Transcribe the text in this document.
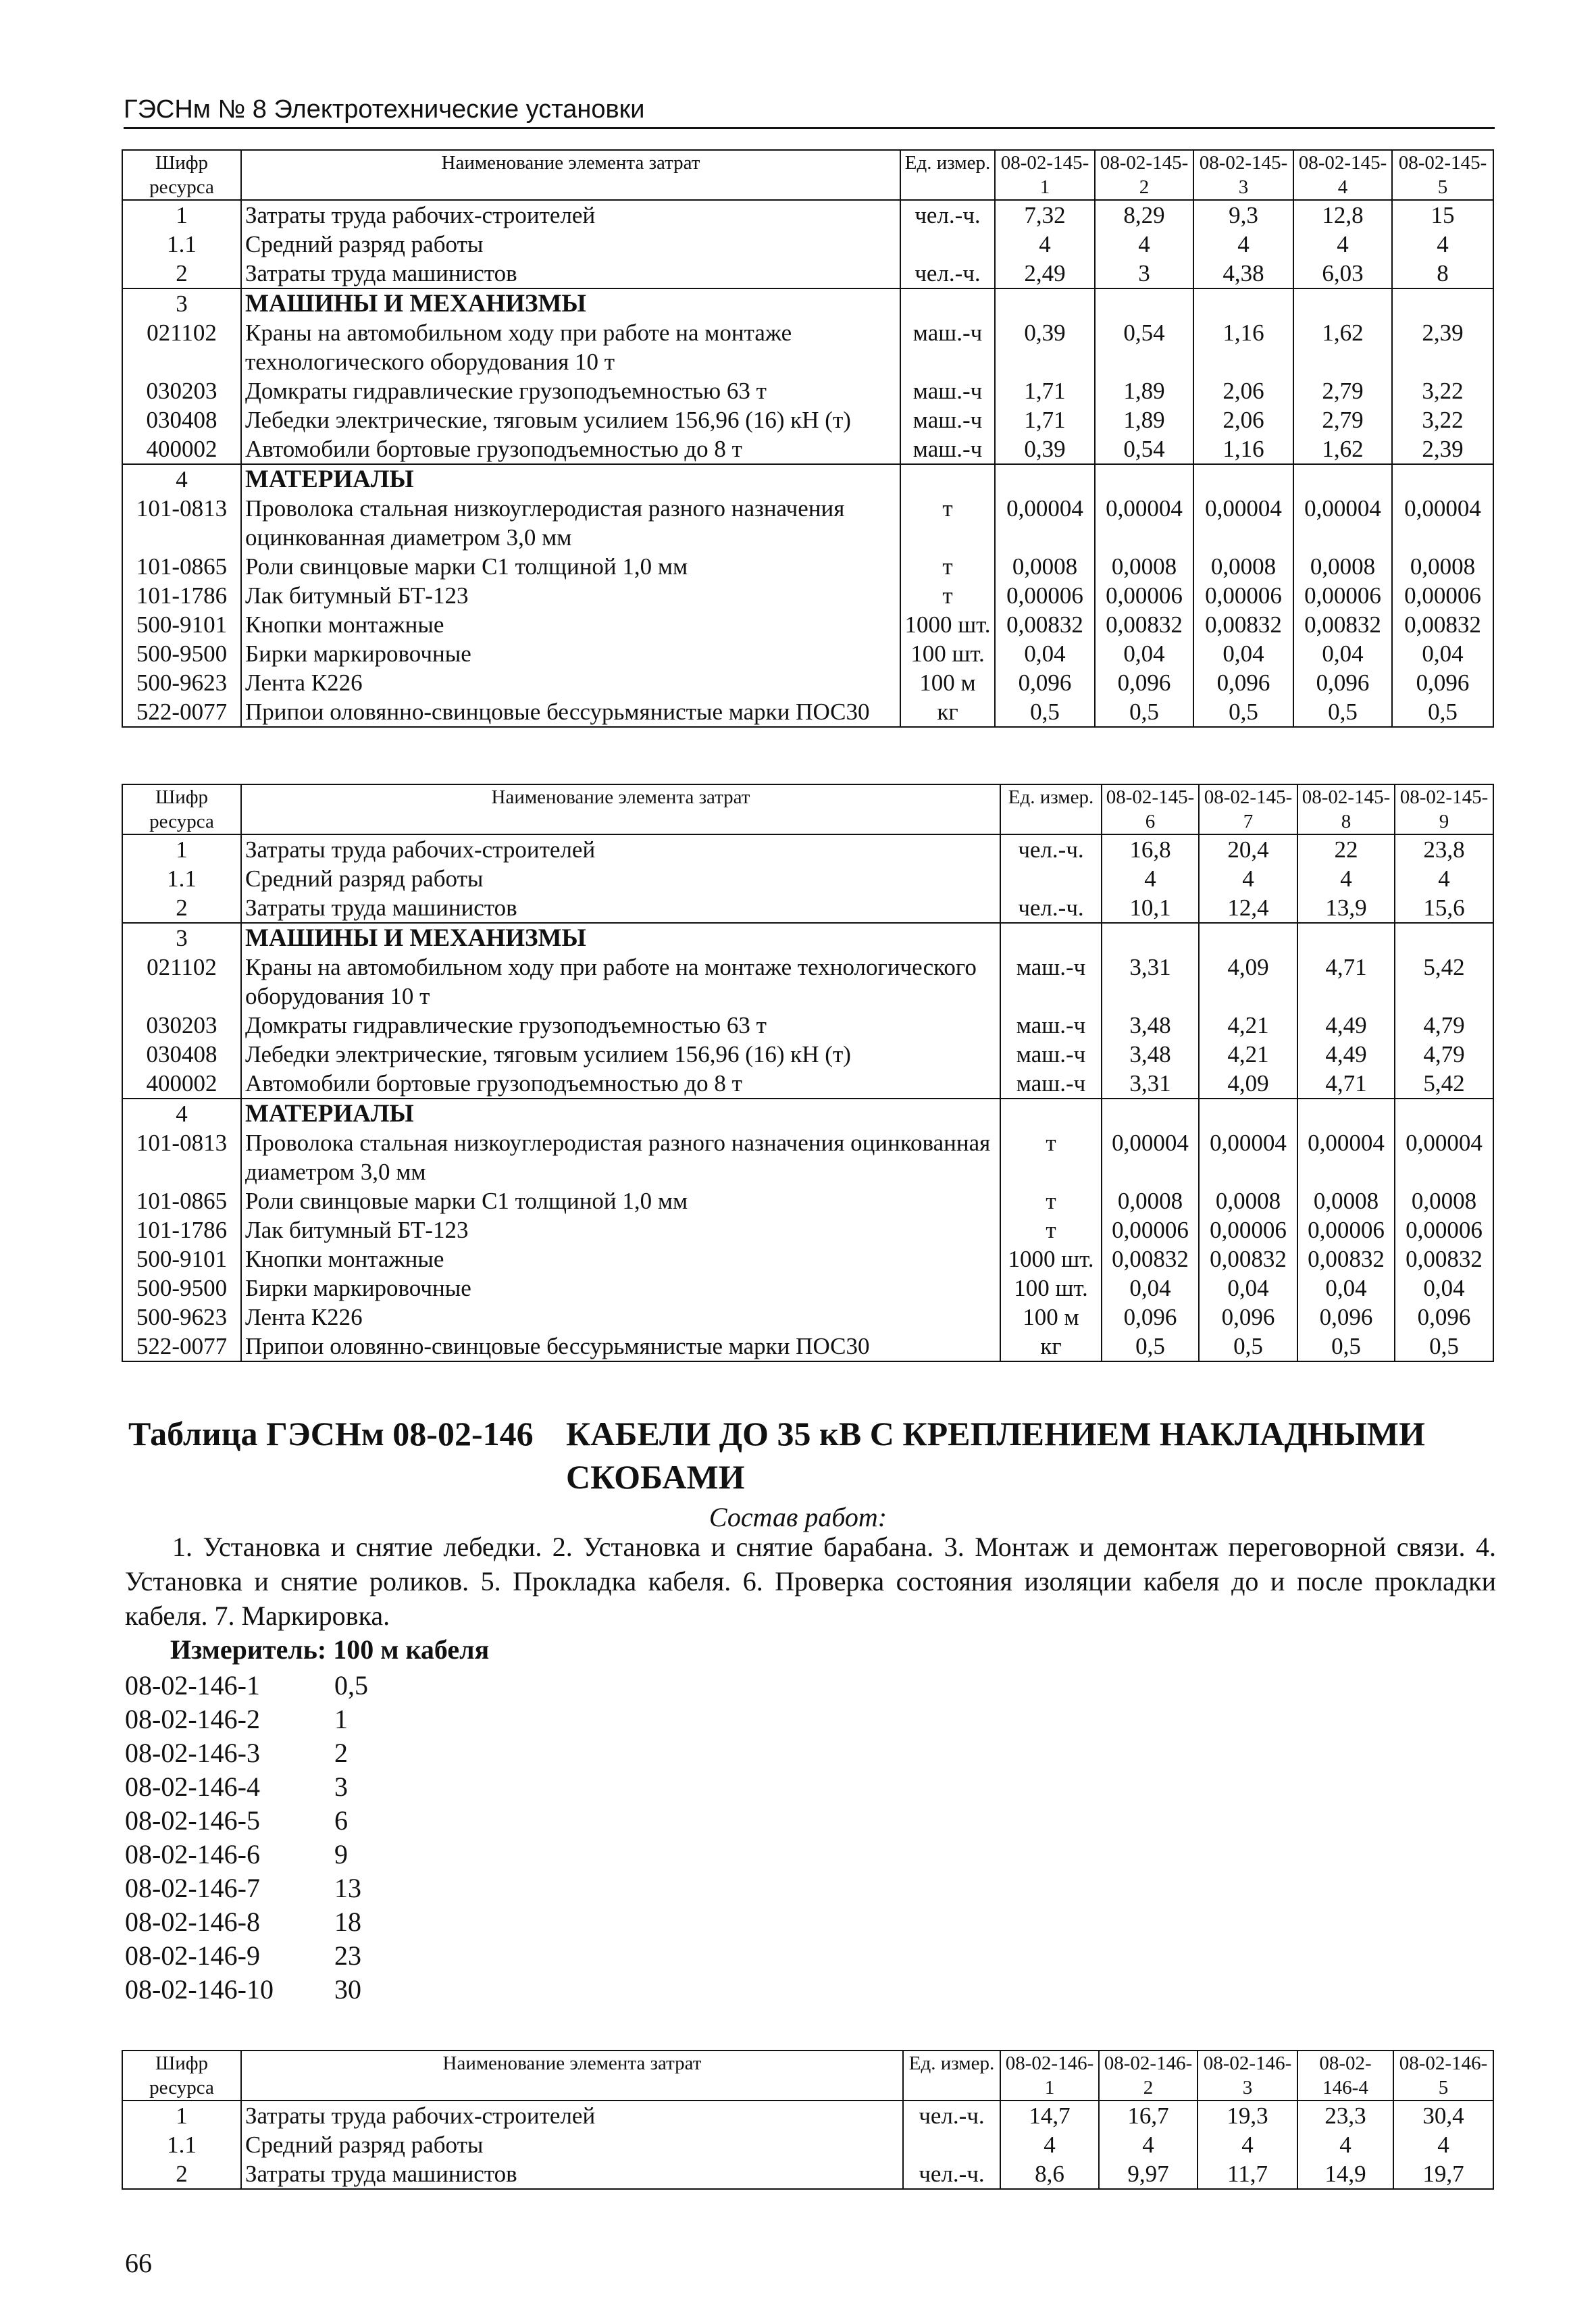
ГЭСНм № 8 Электротехнические установки
Шифр ресурса	Наименование элемента затрат	Ед. измер.	08-02-145-1	08-02-145-2	08-02-145-3	08-02-145-4	08-02-145-5
1	Затраты труда рабочих-строителей	чел.-ч.	7,32	8,29	9,3	12,8	15
1.1	Средний разряд работы		4	4	4	4	4
2	Затраты труда машинистов	чел.-ч.	2,49	3	4,38	6,03	8
3	МАШИНЫ И МЕХАНИЗМЫ						
021102	Краны на автомобильном ходу при работе на монтаже технологического оборудования 10 т	маш.-ч	0,39	0,54	1,16	1,62	2,39
030203	Домкраты гидравлические грузоподъемностью 63 т	маш.-ч	1,71	1,89	2,06	2,79	3,22
030408	Лебедки электрические, тяговым усилием 156,96 (16) кН (т)	маш.-ч	1,71	1,89	2,06	2,79	3,22
400002	Автомобили бортовые грузоподъемностью до 8 т	маш.-ч	0,39	0,54	1,16	1,62	2,39
4	МАТЕРИАЛЫ						
101-0813	Проволока стальная низкоуглеродистая разного назначения оцинкованная диаметром 3,0 мм	т	0,00004	0,00004	0,00004	0,00004	0,00004
101-0865	Роли свинцовые марки С1 толщиной 1,0 мм	т	0,0008	0,0008	0,0008	0,0008	0,0008
101-1786	Лак битумный БТ-123	т	0,00006	0,00006	0,00006	0,00006	0,00006
500-9101	Кнопки монтажные	1000 шт.	0,00832	0,00832	0,00832	0,00832	0,00832
500-9500	Бирки маркировочные	100 шт.	0,04	0,04	0,04	0,04	0,04
500-9623	Лента К226	100 м	0,096	0,096	0,096	0,096	0,096
522-0077	Припои оловянно-свинцовые бессурьмянистые марки ПОС30	кг	0,5	0,5	0,5	0,5	0,5
Шифр ресурса	Наименование элемента затрат	Ед. измер.	08-02-145-6	08-02-145-7	08-02-145-8	08-02-145-9
1	Затраты труда рабочих-строителей	чел.-ч.	16,8	20,4	22	23,8
1.1	Средний разряд работы		4	4	4	4
2	Затраты труда машинистов	чел.-ч.	10,1	12,4	13,9	15,6
3	МАШИНЫ И МЕХАНИЗМЫ					
021102	Краны на автомобильном ходу при работе на монтаже технологического оборудования 10 т	маш.-ч	3,31	4,09	4,71	5,42
030203	Домкраты гидравлические грузоподъемностью 63 т	маш.-ч	3,48	4,21	4,49	4,79
030408	Лебедки электрические, тяговым усилием 156,96 (16) кН (т)	маш.-ч	3,48	4,21	4,49	4,79
400002	Автомобили бортовые грузоподъемностью до 8 т	маш.-ч	3,31	4,09	4,71	5,42
4	МАТЕРИАЛЫ					
101-0813	Проволока стальная низкоуглеродистая разного назначения оцинкованная диаметром 3,0 мм	т	0,00004	0,00004	0,00004	0,00004
101-0865	Роли свинцовые марки С1 толщиной 1,0 мм	т	0,0008	0,0008	0,0008	0,0008
101-1786	Лак битумный БТ-123	т	0,00006	0,00006	0,00006	0,00006
500-9101	Кнопки монтажные	1000 шт.	0,00832	0,00832	0,00832	0,00832
500-9500	Бирки маркировочные	100 шт.	0,04	0,04	0,04	0,04
500-9623	Лента К226	100 м	0,096	0,096	0,096	0,096
522-0077	Припои оловянно-свинцовые бессурьмянистые марки ПОС30	кг	0,5	0,5	0,5	0,5
Таблица ГЭСНм 08-02-146 КАБЕЛИ ДО 35 кВ С КРЕПЛЕНИЕМ НАКЛАДНЫМИ СКОБАМИ
Состав работ:
1. Установка и снятие лебедки. 2. Установка и снятие барабана. 3. Монтаж и демонтаж переговорной связи. 4. Установка и снятие роликов. 5. Прокладка кабеля. 6. Проверка состояния изоляции кабеля до и после прокладки кабеля. 7. Маркировка.
Измеритель: 100 м кабеля
08-02-146-1	0,5
08-02-146-2	1
08-02-146-3	2
08-02-146-4	3
08-02-146-5	6
08-02-146-6	9
08-02-146-7	13
08-02-146-8	18
08-02-146-9	23
08-02-146-10	30
Шифр ресурса	Наименование элемента затрат	Ед. измер.	08-02-146-1	08-02-146-2	08-02-146-3	08-02-146-4	08-02-146-5
1	Затраты труда рабочих-строителей	чел.-ч.	14,7	16,7	19,3	23,3	30,4
1.1	Средний разряд работы		4	4	4	4	4
2	Затраты труда машинистов	чел.-ч.	8,6	9,97	11,7	14,9	19,7
66
